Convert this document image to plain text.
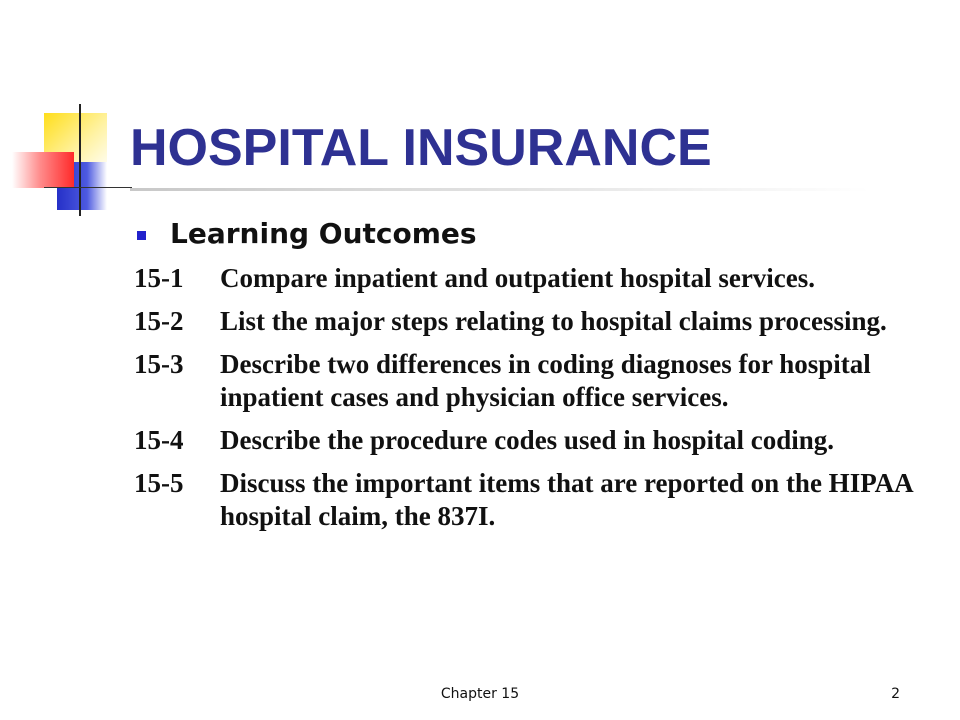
HOSPITAL INSURANCE
Learning Outcomes
15-1	Compare inpatient and outpatient hospital services.
15-2	List the major steps relating to hospital claims processing.
15-3	Describe two differences in coding diagnoses for hospital inpatient cases and physician office services.
15-4	Describe the procedure codes used in hospital coding.
15-5	Discuss the important items that are reported on the HIPAA hospital claim, the 837I.
Chapter 15	2
